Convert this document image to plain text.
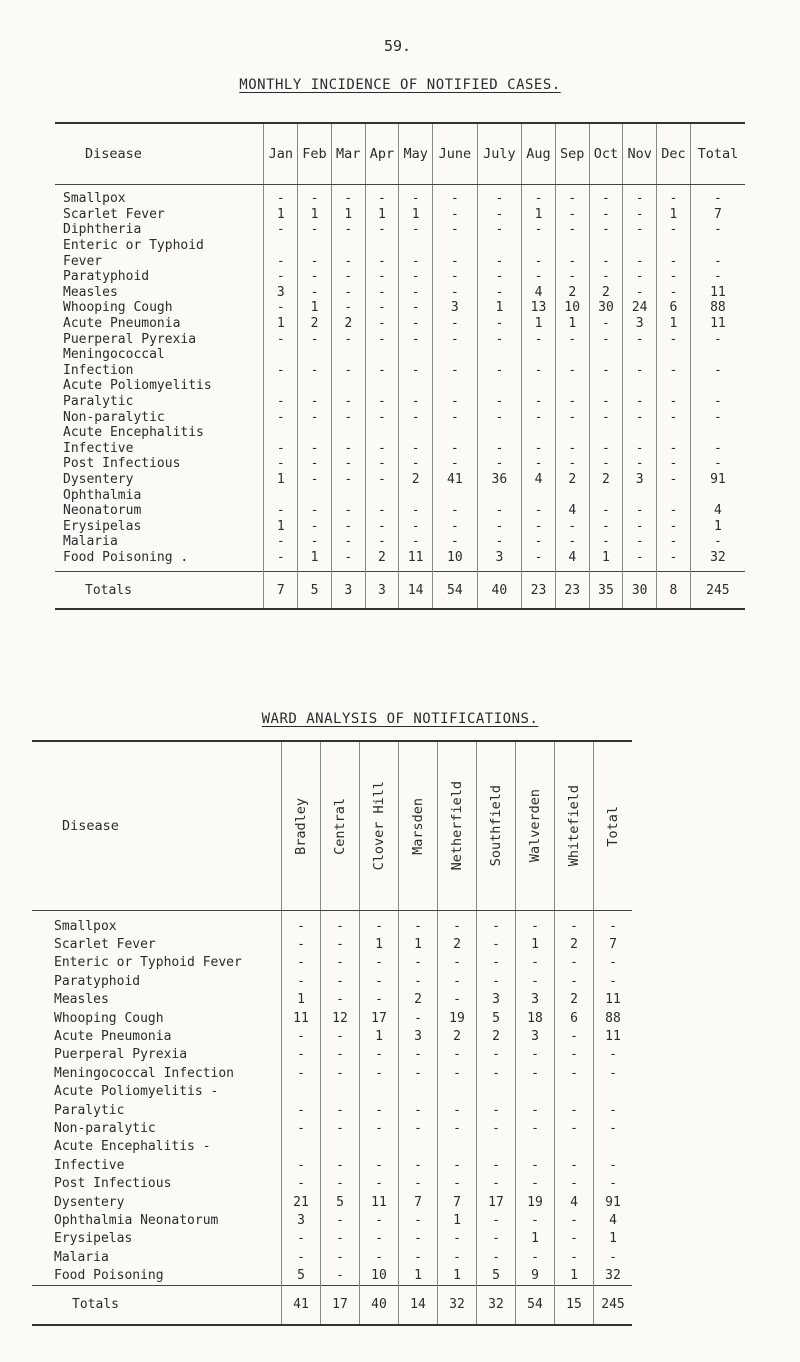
59.
MONTHLY INCIDENCE OF NOTIFIED CASES.
Disease	Jan	Feb	Mar	Apr	May	June	July	Aug	Sep	Oct	Nov	Dec	Total
Smallpox	-	-	-	-	-	-	-	-	-	-	-	-	-
Scarlet Fever	1	1	1	1	1	-	-	1	-	-	-	1	7
Diphtheria	-	-	-	-	-	-	-	-	-	-	-	-	-
Enteric or Typhoid													
Fever	-	-	-	-	-	-	-	-	-	-	-	-	-
Paratyphoid	-	-	-	-	-	-	-	-	-	-	-	-	-
Measles	3	-	-	-	-	-	-	4	2	2	-	-	11
Whooping Cough	-	1	-	-	-	3	1	13	10	30	24	6	88
Acute Pneumonia	1	2	2	-	-	-	-	1	1	-	3	1	11
Puerperal Pyrexia	-	-	-	-	-	-	-	-	-	-	-	-	-
Meningococcal													
Infection	-	-	-	-	-	-	-	-	-	-	-	-	-
Acute Poliomyelitis													
Paralytic	-	-	-	-	-	-	-	-	-	-	-	-	-
Non-paralytic	-	-	-	-	-	-	-	-	-	-	-	-	-
Acute Encephalitis													
Infective	-	-	-	-	-	-	-	-	-	-	-	-	-
Post Infectious	-	-	-	-	-	-	-	-	-	-	-	-	-
Dysentery	1	-	-	-	2	41	36	4	2	2	3	-	91
Ophthalmia													
Neonatorum	-	-	-	-	-	-	-	-	4	-	-	-	4
Erysipelas	1	-	-	-	-	-	-	-	-	-	-	-	1
Malaria	-	-	-	-	-	-	-	-	-	-	-	-	-
Food Poisoning .	-	1	-	2	11	10	3	-	4	1	-	-	32
Totals	7	5	3	3	14	54	40	23	23	35	30	8	245
WARD ANALYSIS OF NOTIFICATIONS.
Disease	Bradley	Central	Clover Hill	Marsden	Netherfield	Southfield	Walverden	Whitefield	Total

Smallpox	-	-	-	-	-	-	-	-	-
Scarlet Fever	-	-	1	1	2	-	1	2	7
Enteric or Typhoid Fever	-	-	-	-	-	-	-	-	-
Paratyphoid	-	-	-	-	-	-	-	-	-
Measles	1	-	-	2	-	3	3	2	11
Whooping Cough	11	12	17	-	19	5	18	6	88
Acute Pneumonia	-	-	1	3	2	2	3	-	11
Puerperal Pyrexia	-	-	-	-	-	-	-	-	-
Meningococcal Infection	-	-	-	-	-	-	-	-	-
Acute Poliomyelitis -									
Paralytic	-	-	-	-	-	-	-	-	-
Non-paralytic	-	-	-	-	-	-	-	-	-
Acute Encephalitis -									
Infective	-	-	-	-	-	-	-	-	-
Post Infectious	-	-	-	-	-	-	-	-	-
Dysentery	21	5	11	7	7	17	19	4	91
Ophthalmia Neonatorum	3	-	-	-	1	-	-	-	4
Erysipelas	-	-	-	-	-	-	1	-	1
Malaria	-	-	-	-	-	-	-	-	-
Food Poisoning	5	-	10	1	1	5	9	1	32
Totals	41	17	40	14	32	32	54	15	245
